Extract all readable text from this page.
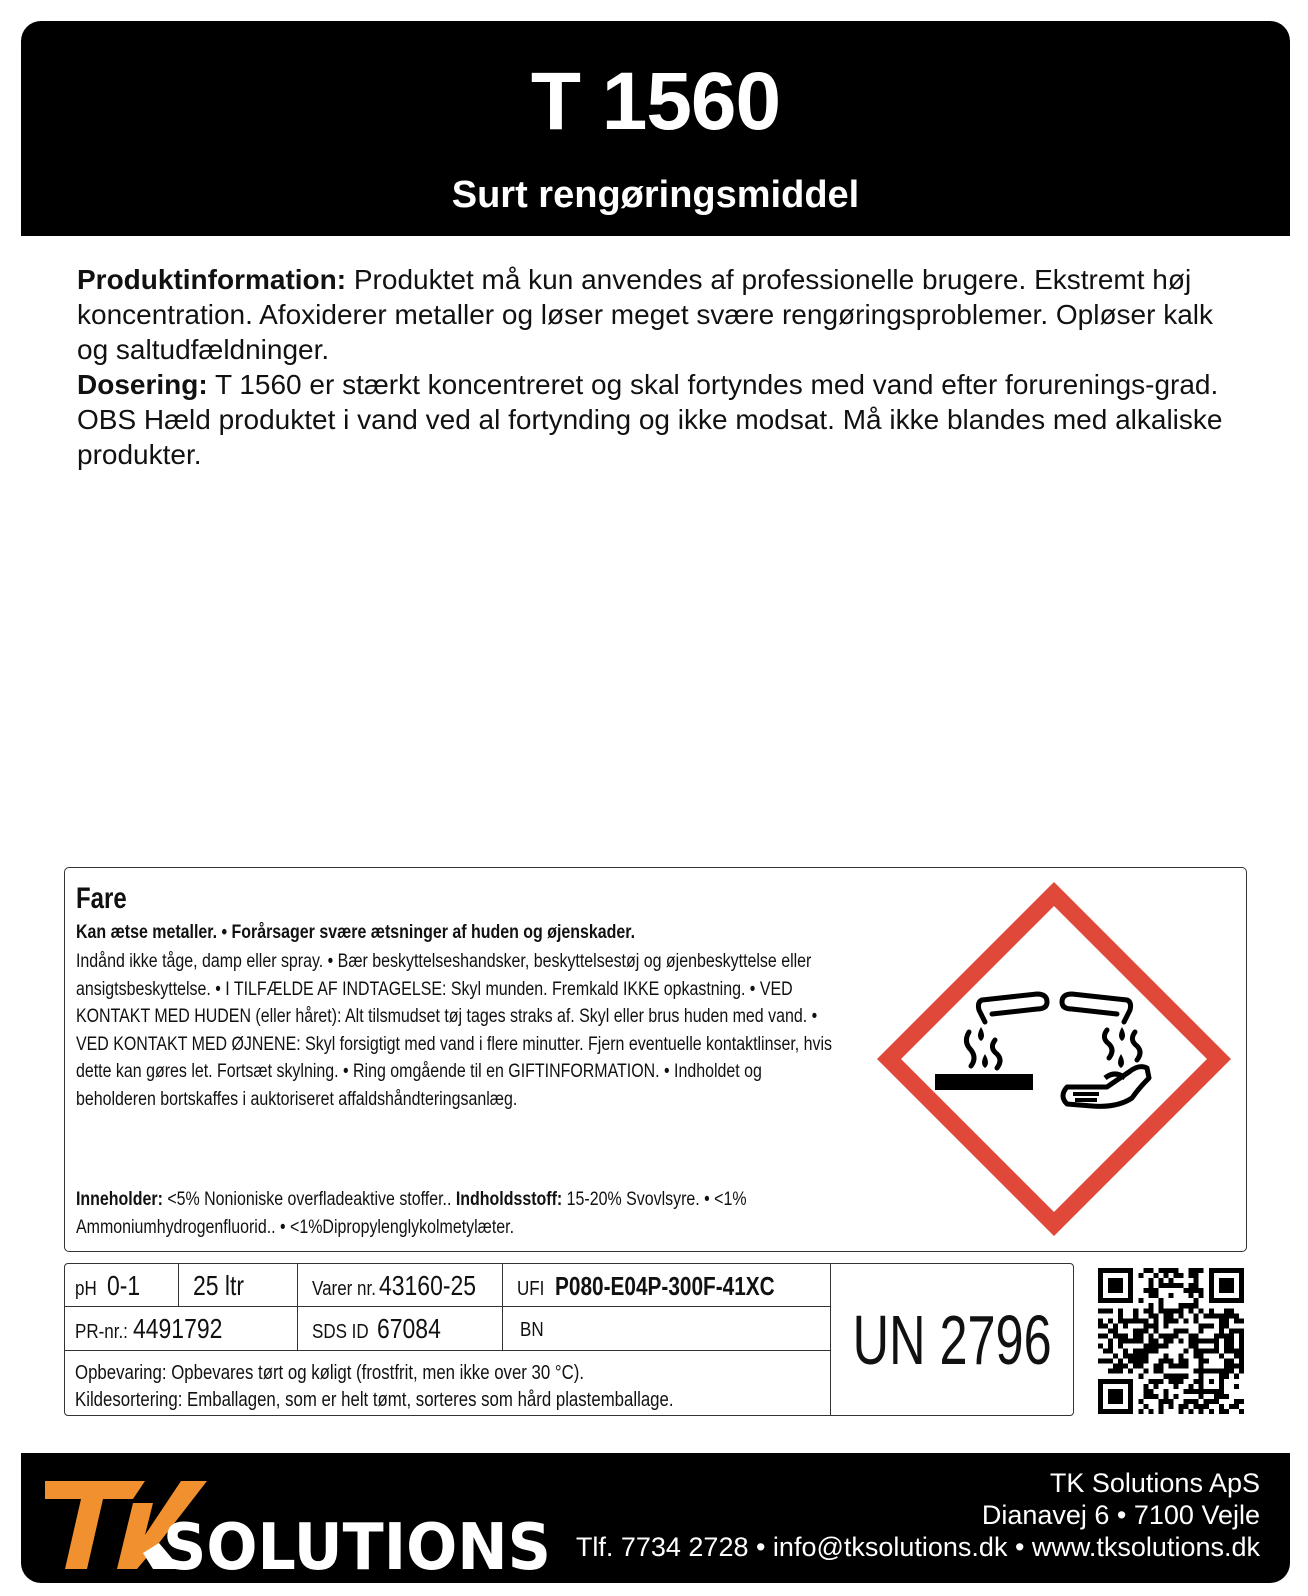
T 1560
Surt rengøringsmiddel
Produktinformation: Produktet må kun anvendes af professionelle brugere. Ekstremt høj koncentration. Afoxiderer metaller og løser meget svære rengøringsproblemer. Opløser kalk og saltudfældninger.
Dosering: T 1560 er stærkt koncentreret og skal fortyndes med vand efter forurenings-grad. OBS Hæld produktet i vand ved al fortynding og ikke modsat. Må ikke blandes med alkaliske produkter.
Fare
Kan ætse metaller. • Forårsager svære ætsninger af huden og øjenskader.
Indånd ikke tåge, damp eller spray. • Bær beskyttelseshandsker, beskyttelsestøj og øjenbeskyttelse eller ansigtsbeskyttelse. • I TILFÆLDE AF INDTAGELSE: Skyl munden. Fremkald IKKE opkastning. • VED KONTAKT MED HUDEN (eller håret): Alt tilsmudset tøj tages straks af. Skyl eller brus huden med vand. • VED KONTAKT MED ØJNENE: Skyl forsigtigt med vand i flere minutter. Fjern eventuelle kontaktlinser, hvis dette kan gøres let. Fortsæt skylning. • Ring omgående til en GIFTINFORMATION. • Indholdet og beholderen bortskaffes i auktoriseret affaldshåndteringsanlæg.
Inneholder: <5% Nonioniske overfladeaktive stoffer.. Indholdsstoff: 15-20% Svovlsyre. • <1% Ammoniumhydrogenfluorid.. • <1%Dipropylenglykolmetylæter.
pH 0-1 25 ltr	Varer nr. 43160-25	UFI P080-E04P-300F-41XC
PR-nr.: 4491792	SDS ID 67084	BN
Opbevaring: Opbevares tørt og køligt (frostfrit, men ikke over 30 °C).
Kildesortering: Emballagen, som er helt tømt, sorteres som hård plastemballage.
UN 2796
SOLUTIONS
TK Solutions ApS
Dianavej 6 • 7100 Vejle
Tlf. 7734 2728 • info@tksolutions.dk • www.tksolutions.dk
